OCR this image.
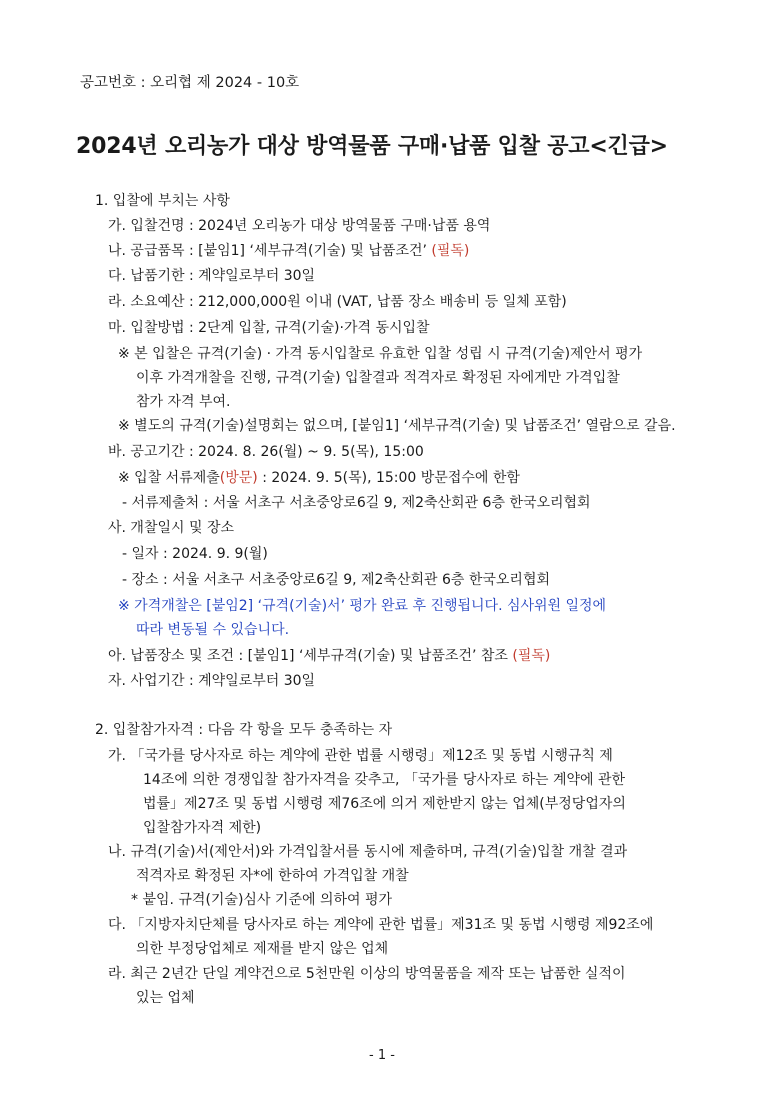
공고번호 : 오리협 제 2024 - 10호
2024년 오리농가 대상 방역물품 구매·납품 입찰 공고<긴급>
1. 입찰에 부치는 사항
가. 입찰건명 : 2024년 오리농가 대상 방역물품 구매·납품 용역
나. 공급품목 : [붙임1] ‘세부규격(기술) 및 납품조건’ (필독)
다. 납품기한 : 계약일로부터 30일
라. 소요예산 : 212,000,000원 이내 (VAT, 납품 장소 배송비 등 일체 포함)
마. 입찰방법 : 2단계 입찰, 규격(기술)·가격 동시입찰
※ 본 입찰은 규격(기술) · 가격 동시입찰로 유효한 입찰 성립 시 규격(기술)제안서 평가
이후 가격개찰을 진행, 규격(기술) 입찰결과 적격자로 확정된 자에게만 가격입찰
참가 자격 부여.
※ 별도의 규격(기술)설명회는 없으며, [붙임1] ‘세부규격(기술) 및 납품조건’ 열람으로 갈음.
바. 공고기간 : 2024. 8. 26(월) ~ 9. 5(목), 15:00
※ 입찰 서류제출(방문) : 2024. 9. 5(목), 15:00 방문접수에 한함
- 서류제출처 : 서울 서초구 서초중앙로6길 9, 제2축산회관 6층 한국오리협회
사. 개찰일시 및 장소
- 일자 : 2024. 9. 9(월)
- 장소 : 서울 서초구 서초중앙로6길 9, 제2축산회관 6층 한국오리협회
※ 가격개찰은 [붙임2] ‘규격(기술)서’ 평가 완료 후 진행됩니다. 심사위원 일정에
따라 변동될 수 있습니다.
아. 납품장소 및 조건 : [붙임1] ‘세부규격(기술) 및 납품조건’ 참조 (필독)
자. 사업기간 : 계약일로부터 30일
2. 입찰참가자격 : 다음 각 항을 모두 충족하는 자
가. 「국가를 당사자로 하는 계약에 관한 법률 시행령」제12조 및 동법 시행규칙 제
14조에 의한 경쟁입찰 참가자격을 갖추고, 「국가를 당사자로 하는 계약에 관한
법률」제27조 및 동법 시행령 제76조에 의거 제한받지 않는 업체(부정당업자의
입찰참가자격 제한)
나. 규격(기술)서(제안서)와 가격입찰서를 동시에 제출하며, 규격(기술)입찰 개찰 결과
적격자로 확정된 자*에 한하여 가격입찰 개찰
* 붙임. 규격(기술)심사 기준에 의하여 평가
다. 「지방자치단체를 당사자로 하는 계약에 관한 법률」제31조 및 동법 시행령 제92조에
의한 부정당업체로 제재를 받지 않은 업체
라. 최근 2년간 단일 계약건으로 5천만원 이상의 방역물품을 제작 또는 납품한 실적이
있는 업체
- 1 -
